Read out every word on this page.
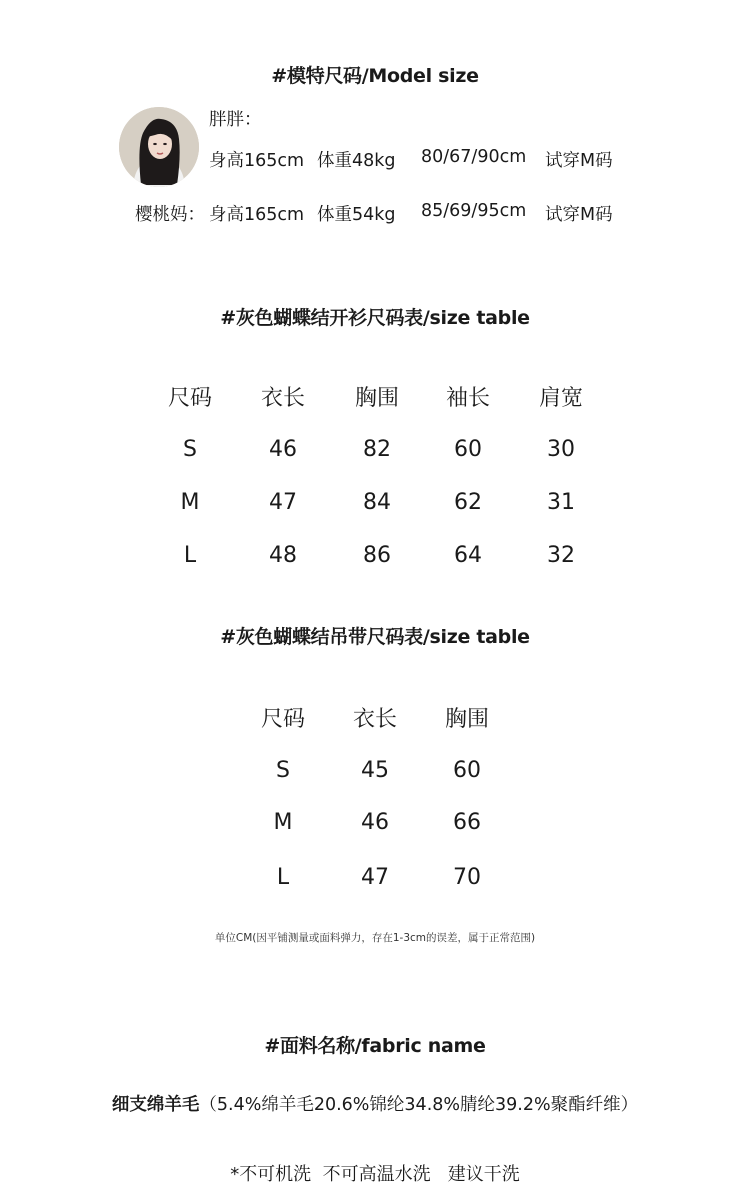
#模特尺码/Model size
胖胖：
身高165cm 体重48kg 80/67/90cm 试穿M码
樱桃妈： 身高165cm 体重54kg 85/69/95cm 试穿M码
#灰色蝴蝶结开衫尺码表/size table
尺码	衣长	胸围	袖长	肩宽
S	46	82	60	30
M	47	84	62	31
L	48	86	64	32
#灰色蝴蝶结吊带尺码表/size table
尺码	衣长	胸围
S	45	60
M	46	66
L	47	70
单位CM(因平铺测量或面料弹力，存在1-3cm的误差，属于正常范围)
#面料名称/fabric name
细支绵羊毛（5.4%绵羊毛20.6%锦纶34.8%腈纶39.2%聚酯纤维）
*不可机洗  不可高温水洗   建议干洗
